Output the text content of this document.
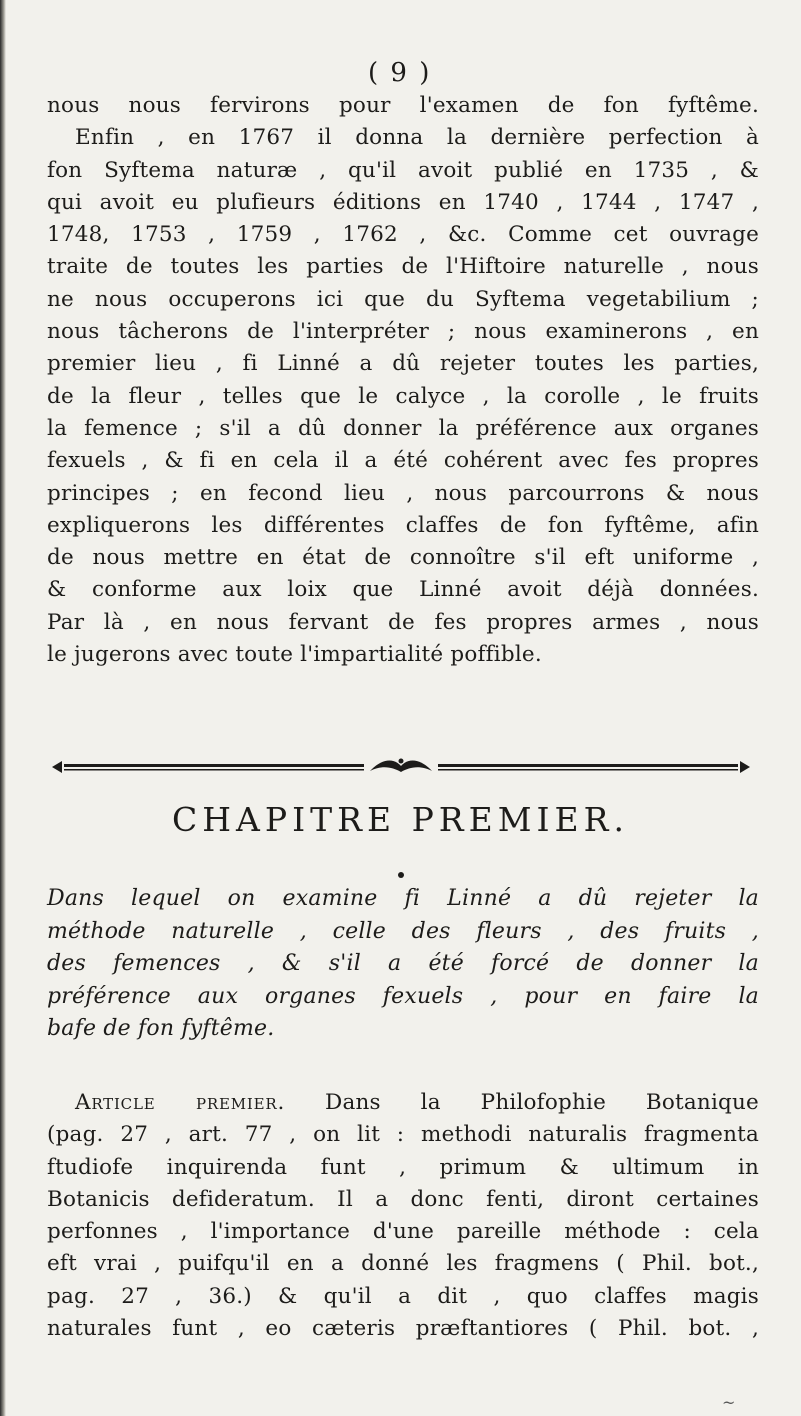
( 9 )
nous nous fervirons pour l'examen de fon fyftême.
Enfin , en 1767 il donna la dernière perfection à
fon Syftema naturæ , qu'il avoit publié en 1735 , &
qui avoit eu plufieurs éditions en 1740 , 1744 , 1747 ,
1748, 1753 , 1759 , 1762 , &c. Comme cet ouvrage
traite de toutes les parties de l'Hiftoire naturelle , nous
ne nous occuperons ici que du Syftema vegetabilium ;
nous tâcherons de l'interpréter ; nous examinerons , en
premier lieu , fi Linné a dû rejeter toutes les parties,
de la fleur , telles que le calyce , la corolle , le fruits
la femence ; s'il a dû donner la préférence aux organes
fexuels , & fi en cela il a été cohérent avec fes propres
principes ; en fecond lieu , nous parcourrons & nous
expliquerons les différentes claffes de fon fyftême, afin
de nous mettre en état de connoître s'il eft uniforme ,
& conforme aux loix que Linné avoit déjà données.
Par là , en nous fervant de fes propres armes , nous
le jugerons avec toute l'impartialité poffible.
CHAPITRE PREMIER.
Dans lequel on examine fi Linné a dû rejeter la
méthode naturelle , celle des fleurs , des fruits ,
des femences , & s'il a été forcé de donner la
préférence aux organes fexuels , pour en faire la
bafe de fon fyftême.
Article premier. Dans la Philofophie Botanique
(pag. 27 , art. 77 , on lit : methodi naturalis fragmenta
ftudiofe inquirenda funt , primum & ultimum in
Botanicis defideratum. Il a donc fenti, diront certaines
perfonnes , l'importance d'une pareille méthode : cela
eft vrai , puifqu'il en a donné les fragmens ( Phil. bot.,
pag. 27 , 36.) & qu'il a dit , quo claffes magis
naturales funt , eo cæteris præftantiores ( Phil. bot. ,
~
